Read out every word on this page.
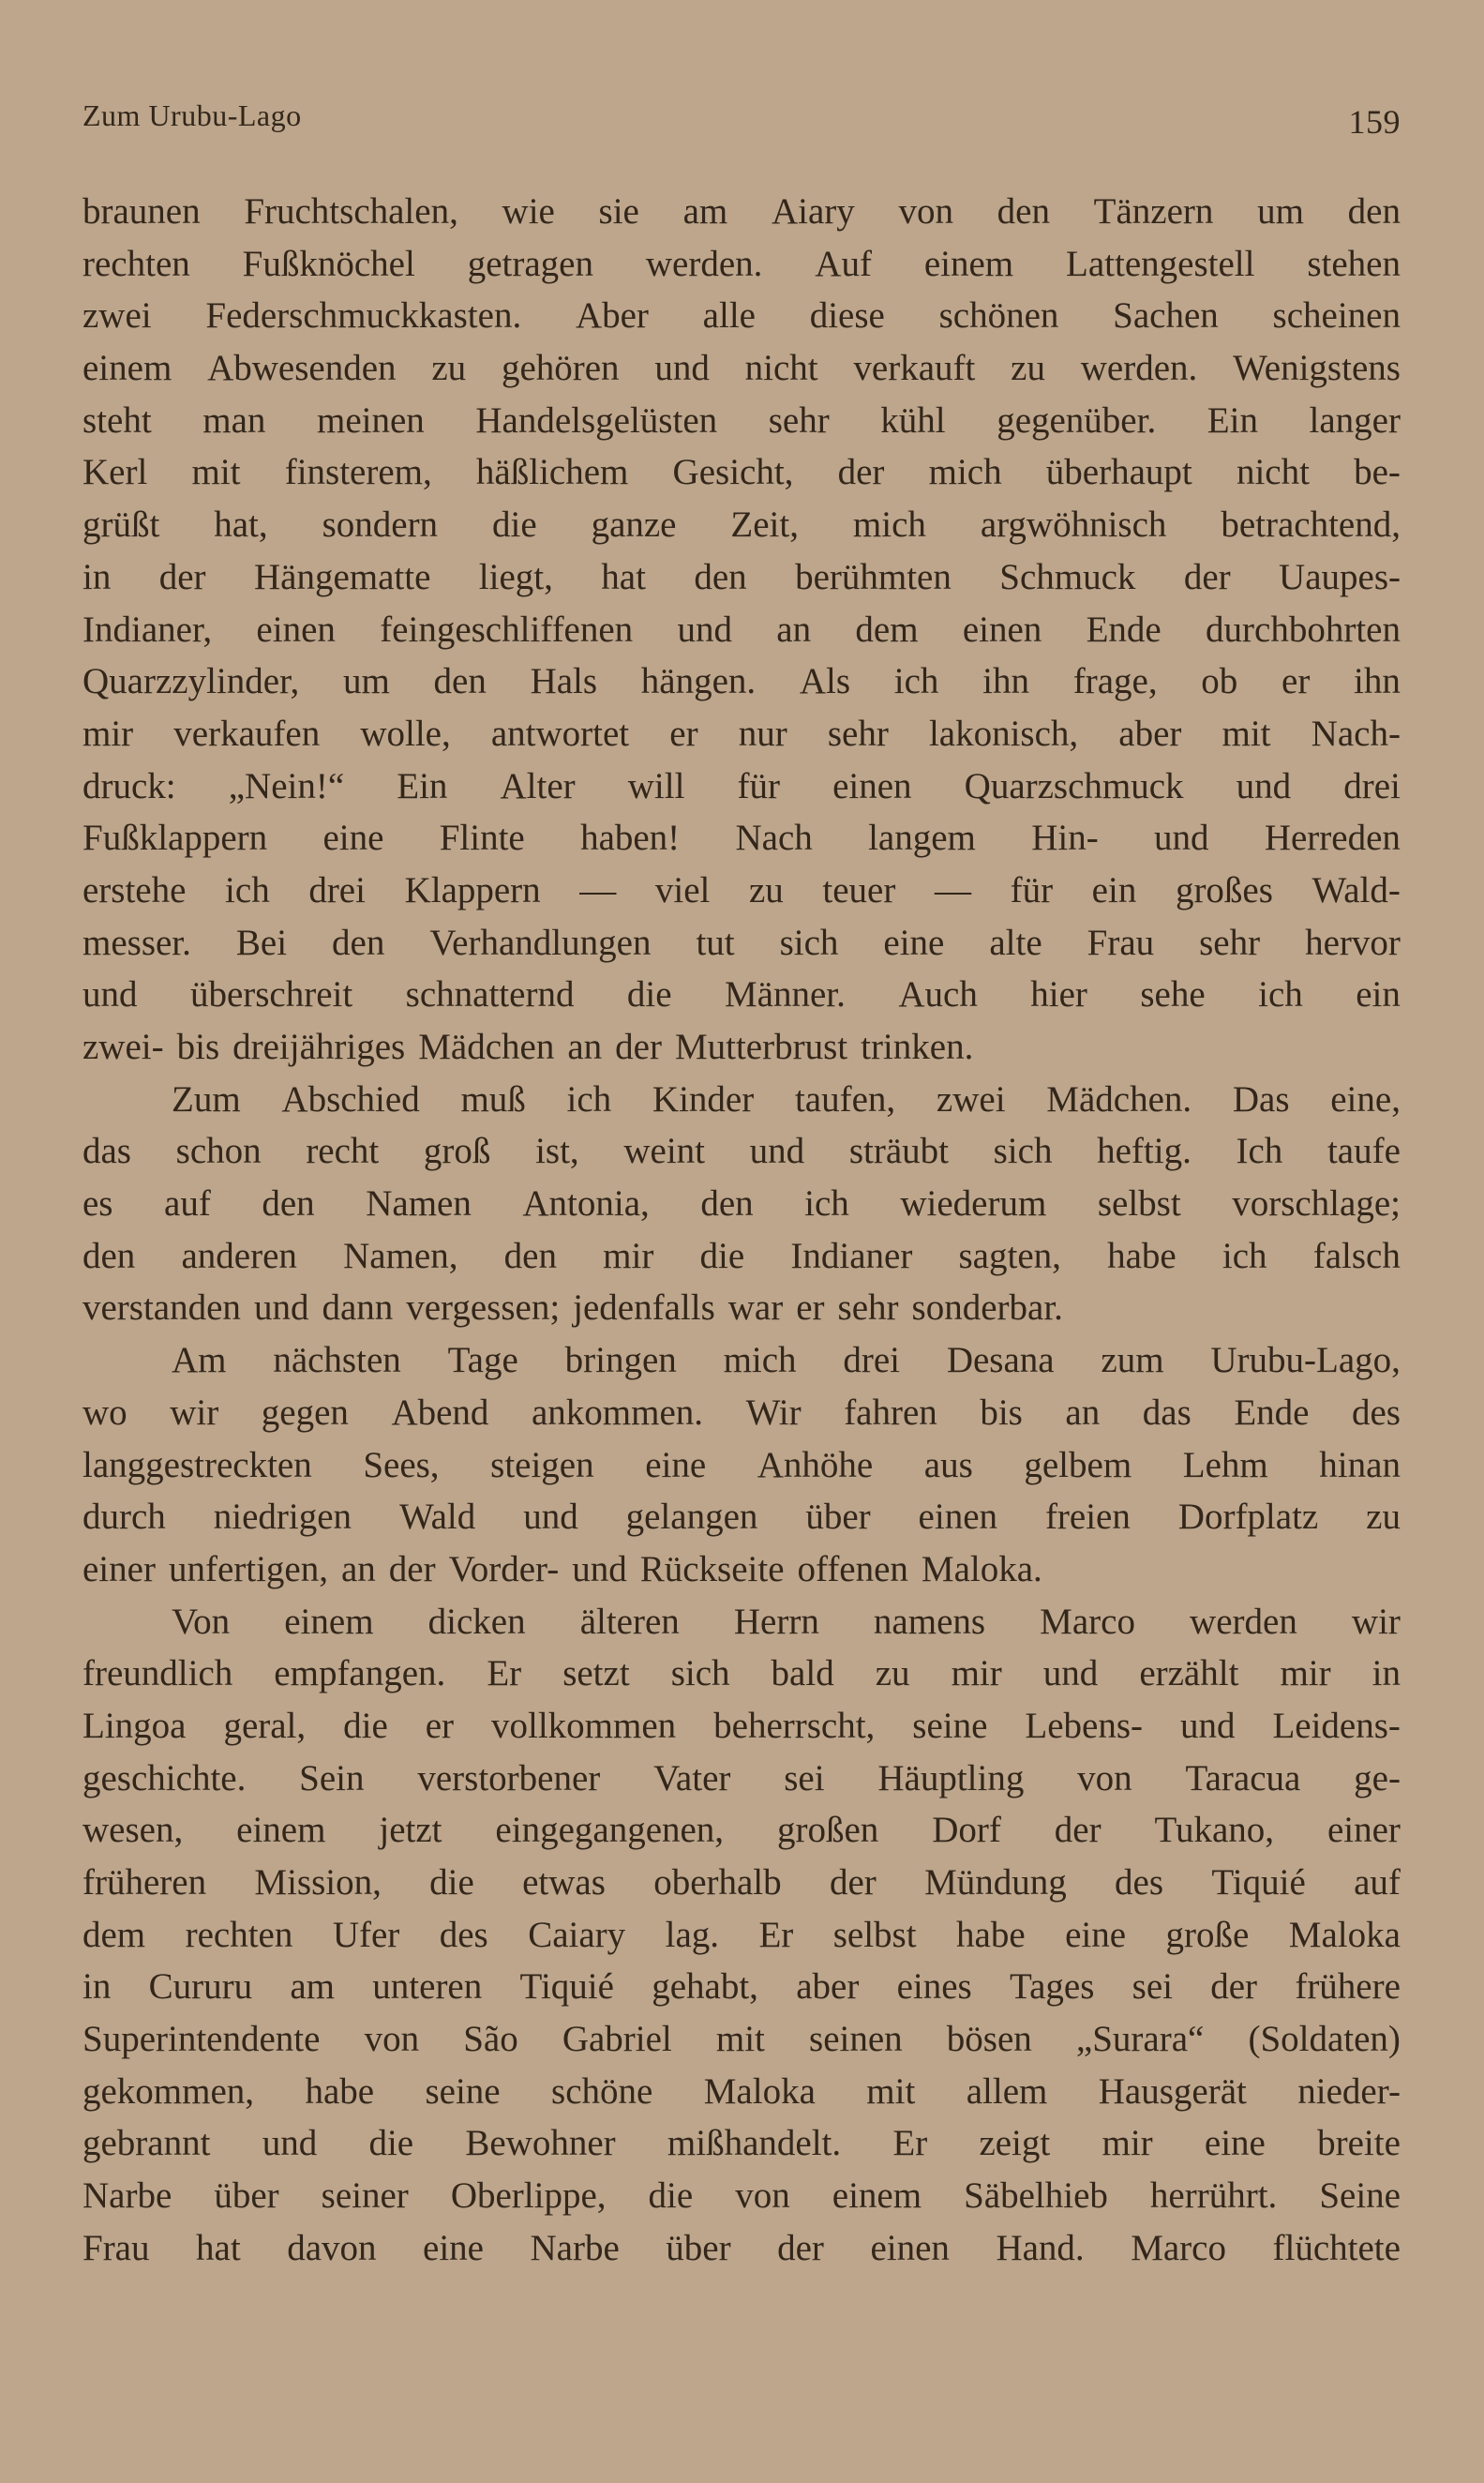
Zum Urubu-Lago	159
braunen Fruchtschalen, wie sie am Aiary von den Tänzern um den
rechten Fußknöchel getragen werden. Auf einem Lattengestell stehen
zwei Federschmuckkasten. Aber alle diese schönen Sachen scheinen
einem Abwesenden zu gehören und nicht verkauft zu werden. Wenigstens
steht man meinen Handelsgelüsten sehr kühl gegenüber. Ein langer
Kerl mit finsterem, häßlichem Gesicht, der mich überhaupt nicht be-
grüßt hat, sondern die ganze Zeit, mich argwöhnisch betrachtend,
in der Hängematte liegt, hat den berühmten Schmuck der Uaupes-
Indianer, einen feingeschliffenen und an dem einen Ende durchbohrten
Quarzzylinder, um den Hals hängen. Als ich ihn frage, ob er ihn
mir verkaufen wolle, antwortet er nur sehr lakonisch, aber mit Nach-
druck: „Nein!“ Ein Alter will für einen Quarzschmuck und drei
Fußklappern eine Flinte haben! Nach langem Hin- und Herreden
erstehe ich drei Klappern — viel zu teuer — für ein großes Wald-
messer. Bei den Verhandlungen tut sich eine alte Frau sehr hervor
und überschreit schnatternd die Männer. Auch hier sehe ich ein
zwei- bis dreijähriges Mädchen an der Mutterbrust trinken.
Zum Abschied muß ich Kinder taufen, zwei Mädchen. Das eine,
das schon recht groß ist, weint und sträubt sich heftig. Ich taufe
es auf den Namen Antonia, den ich wiederum selbst vorschlage;
den anderen Namen, den mir die Indianer sagten, habe ich falsch
verstanden und dann vergessen; jedenfalls war er sehr sonderbar.
Am nächsten Tage bringen mich drei Desana zum Urubu-Lago,
wo wir gegen Abend ankommen. Wir fahren bis an das Ende des
langgestreckten Sees, steigen eine Anhöhe aus gelbem Lehm hinan
durch niedrigen Wald und gelangen über einen freien Dorfplatz zu
einer unfertigen, an der Vorder- und Rückseite offenen Maloka.
Von einem dicken älteren Herrn namens Marco werden wir
freundlich empfangen. Er setzt sich bald zu mir und erzählt mir in
Lingoa geral, die er vollkommen beherrscht, seine Lebens- und Leidens-
geschichte. Sein verstorbener Vater sei Häuptling von Taracua ge-
wesen, einem jetzt eingegangenen, großen Dorf der Tukano, einer
früheren Mission, die etwas oberhalb der Mündung des Tiquié auf
dem rechten Ufer des Caiary lag. Er selbst habe eine große Maloka
in Cururu am unteren Tiquié gehabt, aber eines Tages sei der frühere
Superintendente von São Gabriel mit seinen bösen „Surara“ (Soldaten)
gekommen, habe seine schöne Maloka mit allem Hausgerät nieder-
gebrannt und die Bewohner mißhandelt. Er zeigt mir eine breite
Narbe über seiner Oberlippe, die von einem Säbelhieb herrührt. Seine
Frau hat davon eine Narbe über der einen Hand. Marco flüchtete
